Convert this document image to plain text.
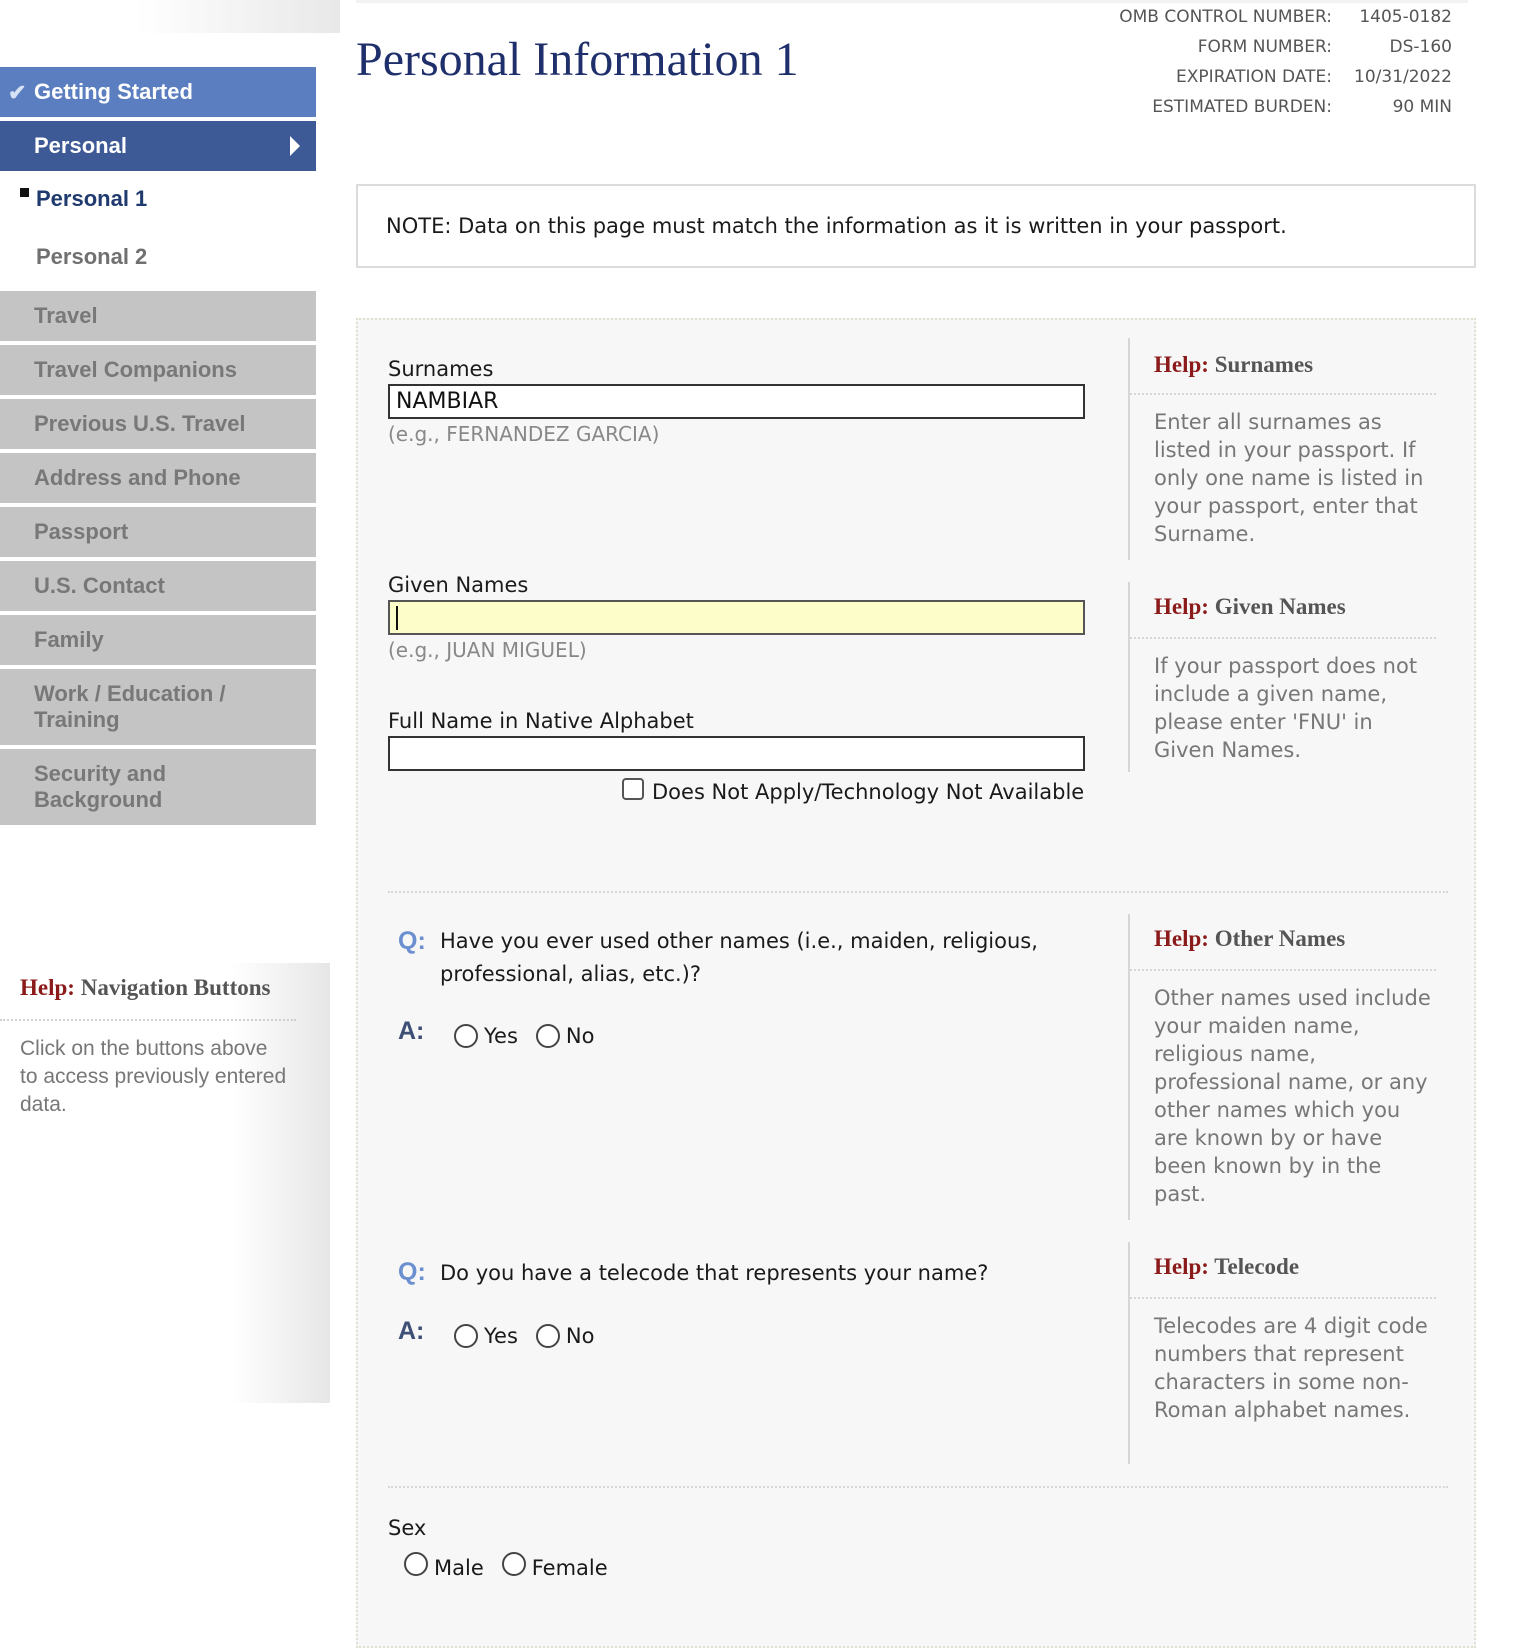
✔ Getting Started
Personal
Personal 1
Personal 2
Travel
Travel Companions
Previous U.S. Travel
Address and Phone
Passport
U.S. Contact
Family
Work / Education / Training
Security and Background
Help: Navigation Buttons
Click on the buttons above to access previously entered data.
Personal Information 1
OMB CONTROL NUMBER:	1405-0182
FORM NUMBER:	DS-160
EXPIRATION DATE:	10/31/2022
ESTIMATED BURDEN:	90 MIN
NOTE: Data on this page must match the information as it is written in your passport.
Surnames
NAMBIAR
(e.g., FERNANDEZ GARCIA)
Given Names
(e.g., JUAN MIGUEL)
Full Name in Native Alphabet
Does Not Apply/Technology Not Available
Q: Have you ever used other names (i.e., maiden, religious, professional, alias, etc.)?
A:	Yes No
Q: Do you have a telecode that represents your name?
A:	Yes No
Sex
Male Female
Help: Surnames
Enter all surnames as listed in your passport. If only one name is listed in your passport, enter that Surname.
Help: Given Names
If your passport does not include a given name, please enter 'FNU' in Given Names.
Help: Other Names
Other names used include your maiden name, religious name, professional name, or any other names which you are known by or have been known by in the past.
Help: Telecode
Telecodes are 4 digit code numbers that represent characters in some non-Roman alphabet names.
